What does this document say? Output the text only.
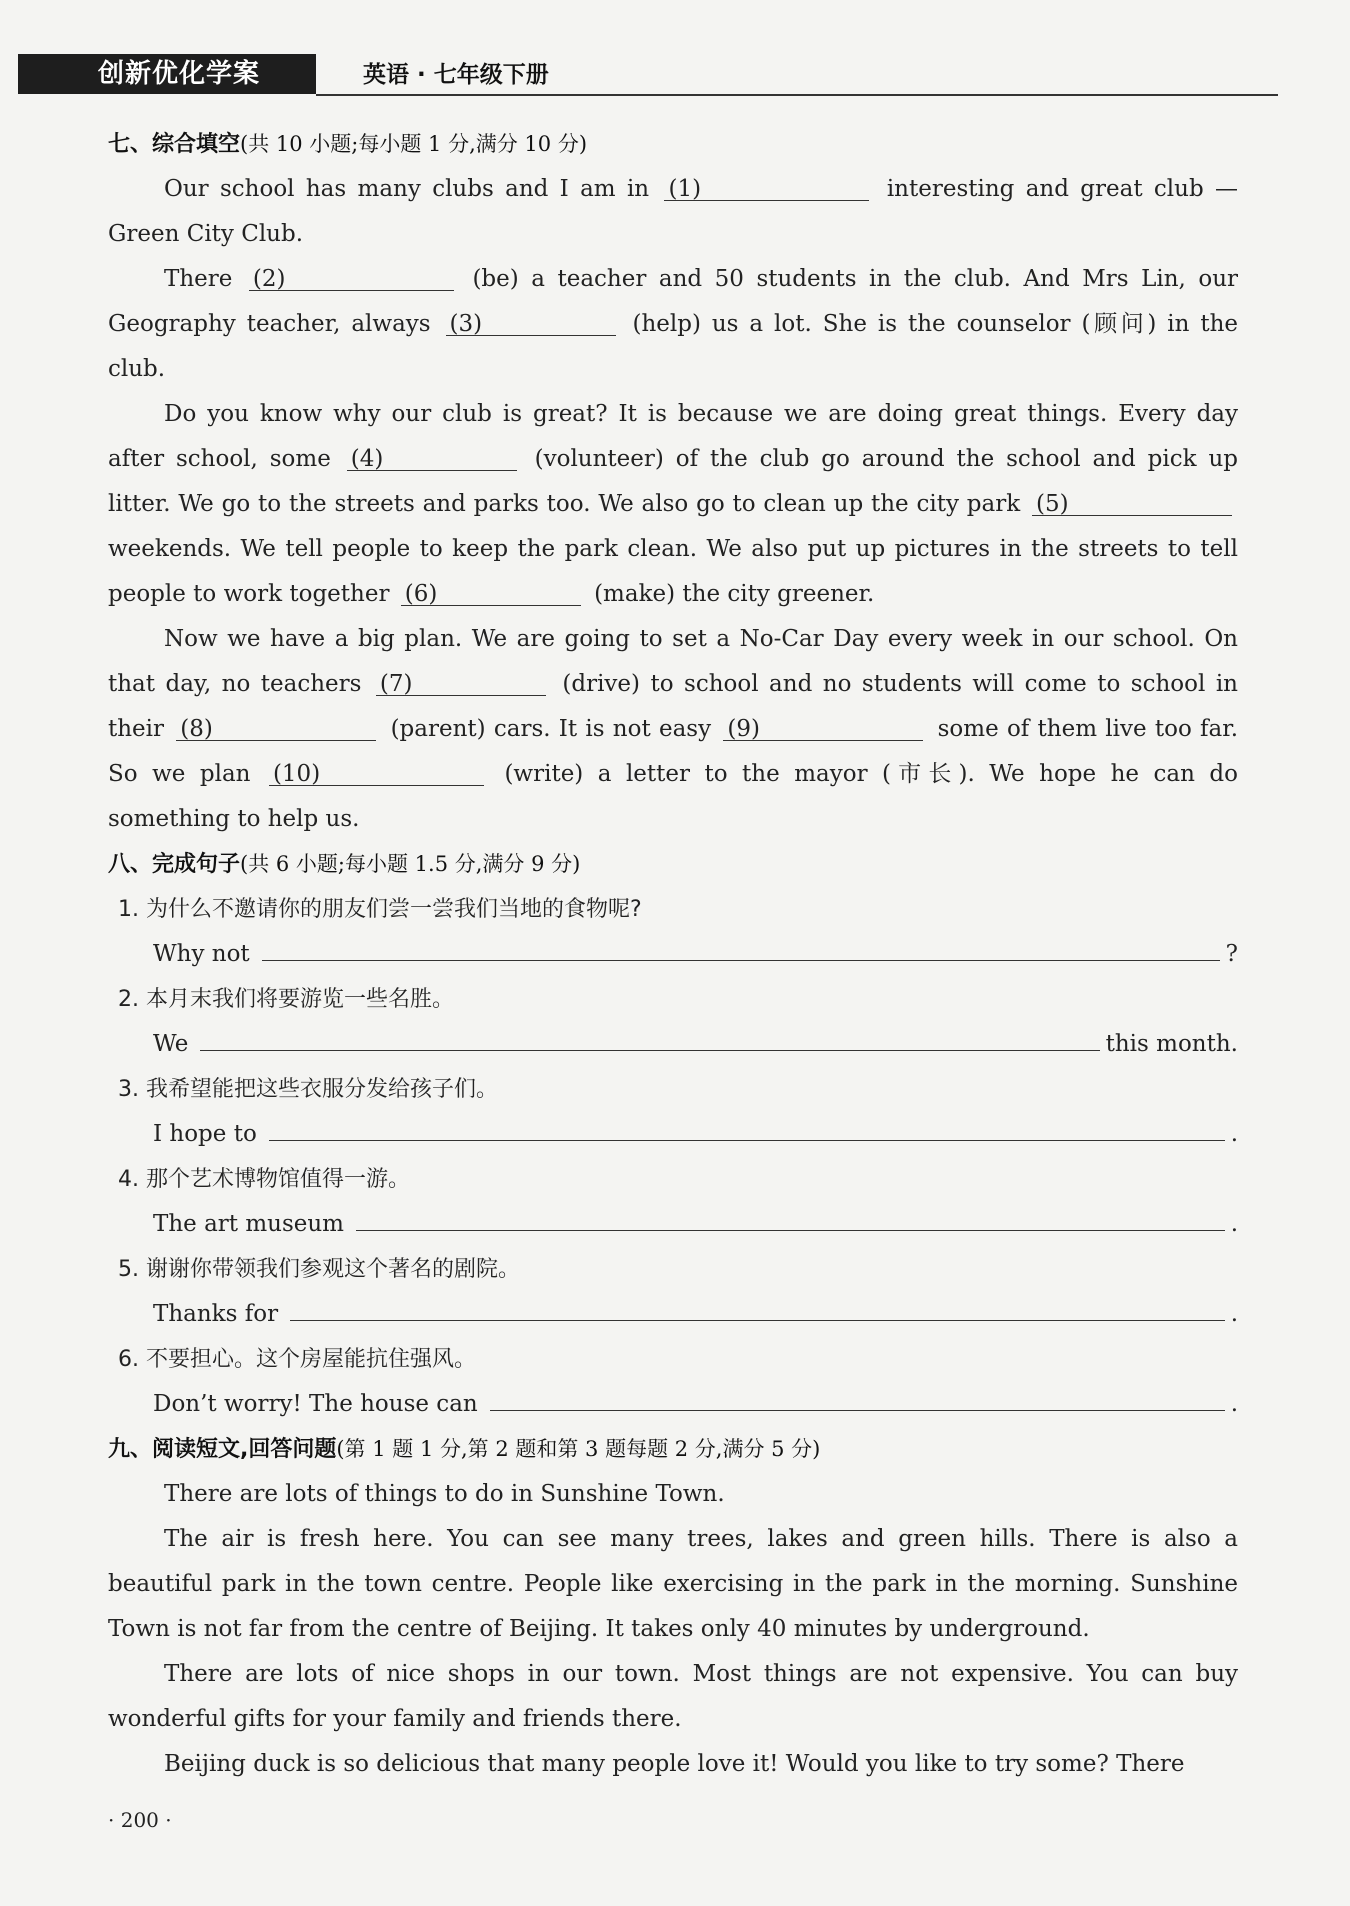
创新优化学案	英语 · 七年级下册
七、综合填空(共 10 小题;每小题 1 分,满分 10 分)

Our school has many clubs and I am in (1)	interesting and great club — Green City Club.

There (2)	(be) a teacher and 50 students in the club. And Mrs Lin, our Geography teacher, always (3)	(help) us a lot. She is the counselor (顾问) in the club.

Do you know why our club is great? It is because we are doing great things. Every day after school, some (4)	(volunteer) of the club go around the school and pick up litter. We go to the streets and parks too. We also go to clean up the city park (5) weekends. We tell people to keep the park clean. We also put up pictures in the streets to tell people to work together (6)	(make) the city greener.

Now we have a big plan. We are going to set a No-Car Day every week in our school. On that day, no teachers (7)	(drive) to school and no students will come to school in their (8)	(parent) cars. It is not easy (9)	some of them live too far. So we plan (10)	(write) a letter to the mayor (市长). We hope he can do something to help us.

八、完成句子(共 6 小题;每小题 1.5 分,满分 9 分)
1. 为什么不邀请你的朋友们尝一尝我们当地的食物呢?
Why not	?
2. 本月末我们将要游览一些名胜。
We	this month.
3. 我希望能把这些衣服分发给孩子们。
I hope to	.
4. 那个艺术博物馆值得一游。
The art museum	.
5. 谢谢你带领我们参观这个著名的剧院。
Thanks for	.
6. 不要担心。这个房屋能抗住强风。
Don’t worry! The house can	.
九、阅读短文,回答问题(第 1 题 1 分,第 2 题和第 3 题每题 2 分,满分 5 分)

There are lots of things to do in Sunshine Town.

The air is fresh here. You can see many trees, lakes and green hills. There is also a beautiful park in the town centre. People like exercising in the park in the morning. Sunshine Town is not far from the centre of Beijing. It takes only 40 minutes by underground.

There are lots of nice shops in our town. Most things are not expensive. You can buy wonderful gifts for your family and friends there.

Beijing duck is so delicious that many people love it! Would you like to try some? There

· 200 ·
